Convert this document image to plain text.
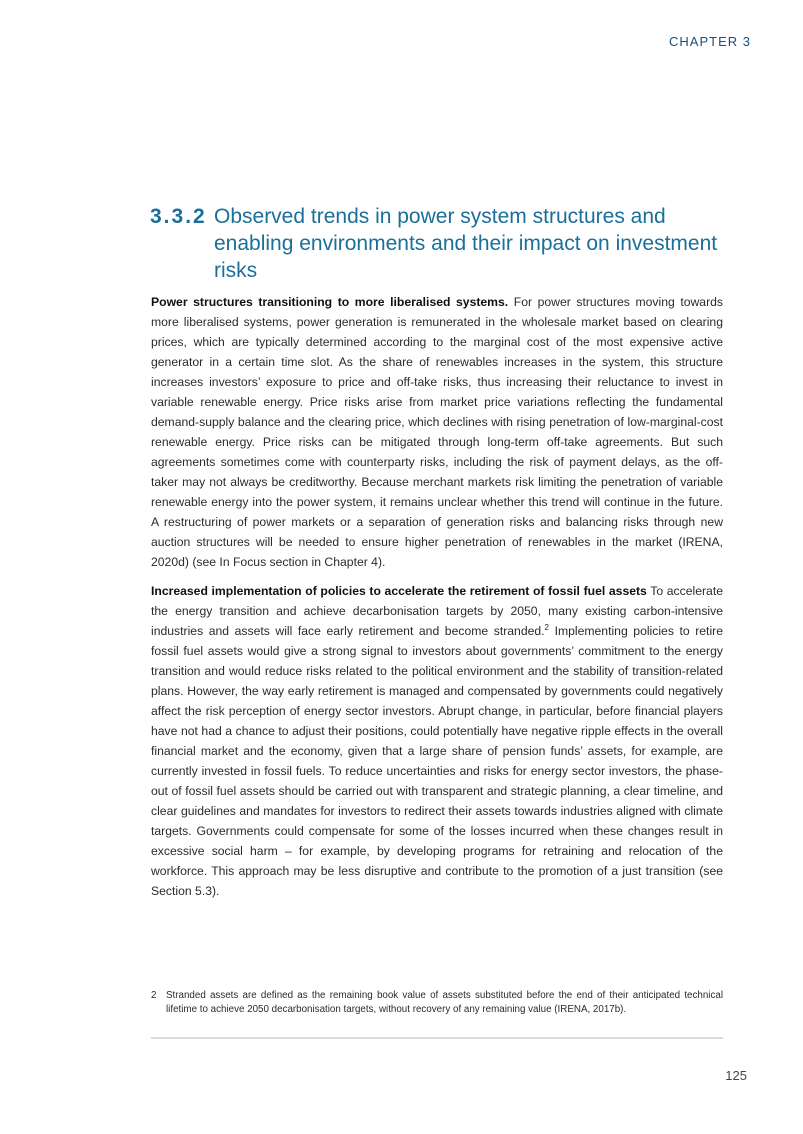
CHAPTER 3
3.3.2 Observed trends in power system structures and enabling environments and their impact on investment risks

Power structures transitioning to more liberalised systems. For power structures moving towards more liberalised systems, power generation is remunerated in the wholesale market based on clearing prices, which are typically determined according to the marginal cost of the most expensive active generator in a certain time slot. As the share of renewables increases in the system, this structure increases investors’ exposure to price and off-take risks, thus increasing their reluctance to invest in variable renewable energy. Price risks arise from market price variations reflecting the fundamental demand-supply balance and the clearing price, which declines with rising penetration of low-marginal-cost renewable energy. Price risks can be mitigated through long-term off-take agreements. But such agreements sometimes come with counterparty risks, including the risk of payment delays, as the off-taker may not always be creditworthy. Because merchant markets risk limiting the penetration of variable renewable energy into the power system, it remains unclear whether this trend will continue in the future. A restructuring of power markets or a separation of generation risks and balancing risks through new auction structures will be needed to ensure higher penetration of renewables in the market (IRENA, 2020d) (see In Focus section in Chapter 4).

Increased implementation of policies to accelerate the retirement of fossil fuel assets To accelerate the energy transition and achieve decarbonisation targets by 2050, many existing carbon-intensive industries and assets will face early retirement and become stranded.$^2$ Implementing policies to retire fossil fuel assets would give a strong signal to investors about governments’ commitment to the energy transition and would reduce risks related to the political environment and the stability of transition-related plans. However, the way early retirement is managed and compensated by governments could negatively affect the risk perception of energy sector investors. Abrupt change, in particular, before financial players have not had a chance to adjust their positions, could potentially have negative ripple effects in the overall financial market and the economy, given that a large share of pension funds’ assets, for example, are currently invested in fossil fuels. To reduce uncertainties and risks for energy sector investors, the phase-out of fossil fuel assets should be carried out with transparent and strategic planning, a clear timeline, and clear guidelines and mandates for investors to redirect their assets towards industries aligned with climate targets. Governments could compensate for some of the losses incurred when these changes result in excessive social harm – for example, by developing programs for retraining and relocation of the workforce. This approach may be less disruptive and contribute to the promotion of a just transition (see Section 5.3).

2 Stranded assets are defined as the remaining book value of assets substituted before the end of their anticipated technical lifetime to achieve 2050 decarbonisation targets, without recovery of any remaining value (IRENA, 2017b).
125
